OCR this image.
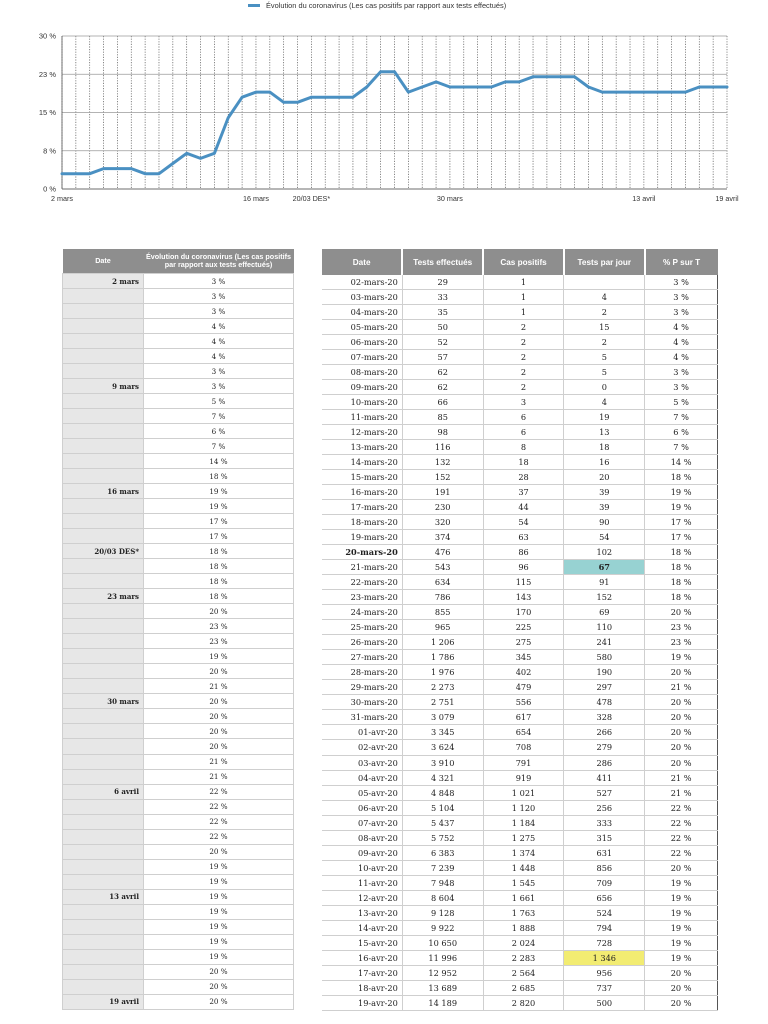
Évolution du coronavirus (Les cas positifs par rapport aux tests effectués)
0 %
8 %
15 %
23 %
30 %
2 mars	16 mars	20/03 DES*	30 mars	13 avril	19 avril
Date	Évolution du coronavirus (Les cas positifs par rapport aux tests effectués)
2 mars	3 %
	3 %
	3 %
	4 %
	4 %
	4 %
	3 %
9 mars	3 %
	5 %
	7 %
	6 %
	7 %
	14 %
	18 %
16 mars	19 %
	19 %
	17 %
	17 %
20/03 DES*	18 %
	18 %
	18 %
23 mars	18 %
	20 %
	23 %
	23 %
	19 %
	20 %
	21 %
30 mars	20 %
	20 %
	20 %
	20 %
	21 %
	21 %
6 avril	22 %
	22 %
	22 %
	22 %
	20 %
	19 %
	19 %
13 avril	19 %
	19 %
	19 %
	19 %
	19 %
	20 %
	20 %
19 avril	20 %
Date	Tests effectués	Cas positifs	Tests par jour	% P sur T
02-mars-20	29	1		3 %
03-mars-20	33	1	4	3 %
04-mars-20	35	1	2	3 %
05-mars-20	50	2	15	4 %
06-mars-20	52	2	2	4 %
07-mars-20	57	2	5	4 %
08-mars-20	62	2	5	3 %
09-mars-20	62	2	0	3 %
10-mars-20	66	3	4	5 %
11-mars-20	85	6	19	7 %
12-mars-20	98	6	13	6 %
13-mars-20	116	8	18	7 %
14-mars-20	132	18	16	14 %
15-mars-20	152	28	20	18 %
16-mars-20	191	37	39	19 %
17-mars-20	230	44	39	19 %
18-mars-20	320	54	90	17 %
19-mars-20	374	63	54	17 %
20-mars-20	476	86	102	18 %
21-mars-20	543	96	67	18 %
22-mars-20	634	115	91	18 %
23-mars-20	786	143	152	18 %
24-mars-20	855	170	69	20 %
25-mars-20	965	225	110	23 %
26-mars-20	1 206	275	241	23 %
27-mars-20	1 786	345	580	19 %
28-mars-20	1 976	402	190	20 %
29-mars-20	2 273	479	297	21 %
30-mars-20	2 751	556	478	20 %
31-mars-20	3 079	617	328	20 %
01-avr-20	3 345	654	266	20 %
02-avr-20	3 624	708	279	20 %
03-avr-20	3 910	791	286	20 %
04-avr-20	4 321	919	411	21 %
05-avr-20	4 848	1 021	527	21 %
06-avr-20	5 104	1 120	256	22 %
07-avr-20	5 437	1 184	333	22 %
08-avr-20	5 752	1 275	315	22 %
09-avr-20	6 383	1 374	631	22 %
10-avr-20	7 239	1 448	856	20 %
11-avr-20	7 948	1 545	709	19 %
12-avr-20	8 604	1 661	656	19 %
13-avr-20	9 128	1 763	524	19 %
14-avr-20	9 922	1 888	794	19 %
15-avr-20	10 650	2 024	728	19 %
16-avr-20	11 996	2 283	1 346	19 %
17-avr-20	12 952	2 564	956	20 %
18-avr-20	13 689	2 685	737	20 %
19-avr-20	14 189	2 820	500	20 %
